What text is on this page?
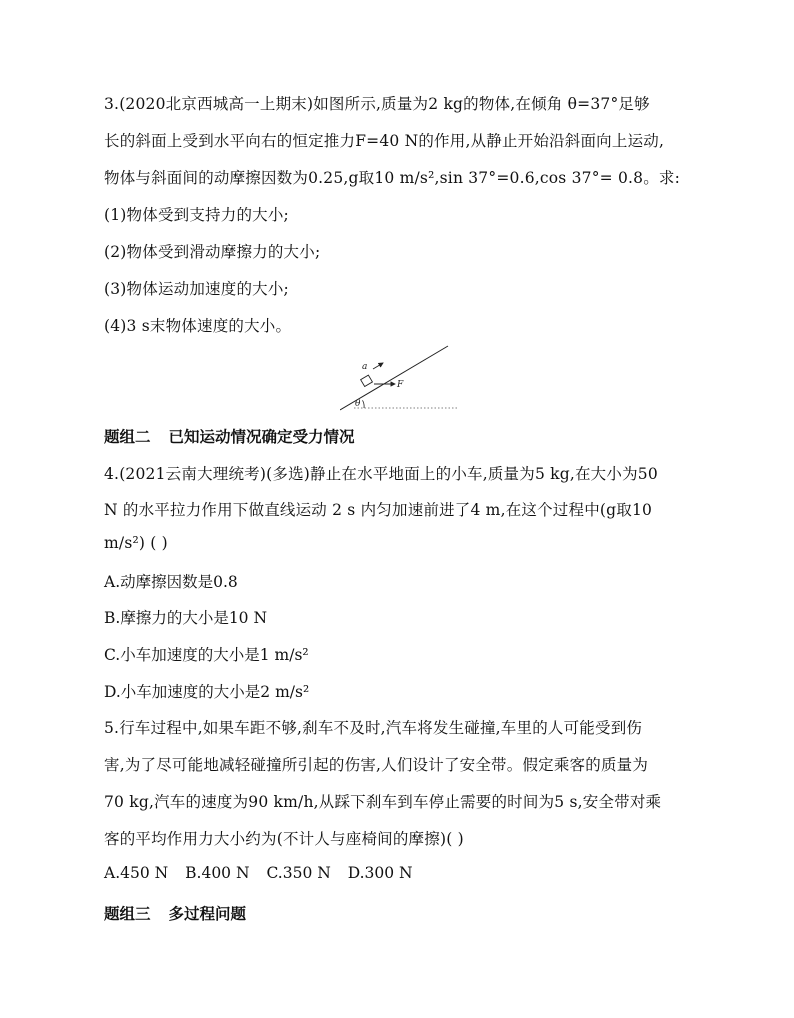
3.(2020北京西城高一上期末)如图所示,质量为2 kg的物体,在倾角 θ=37°足够
长的斜面上受到水平向右的恒定推力F=40 N的作用,从静止开始沿斜面向上运动,
物体与斜面间的动摩擦因数为0.25,g取10 m/s²,sin 37°=0.6,cos 37°= 0.8。求:
(1)物体受到支持力的大小;
(2)物体受到滑动摩擦力的大小;
(3)物体运动加速度的大小;
(4)3 s末物体速度的大小。
a
F
θ
题组二 已知运动情况确定受力情况
4.(2021云南大理统考)(多选)静止在水平地面上的小车,质量为5 kg,在大小为50
N 的水平拉力作用下做直线运动 2 s 内匀加速前进了4 m,在这个过程中(g取10
m/s²) ( )
A.动摩擦因数是0.8
B.摩擦力的大小是10 N
C.小车加速度的大小是1 m/s²
D.小车加速度的大小是2 m/s²
5.行车过程中,如果车距不够,刹车不及时,汽车将发生碰撞,车里的人可能受到伤
害,为了尽可能地减轻碰撞所引起的伤害,人们设计了安全带。假定乘客的质量为
70 kg,汽车的速度为90 km/h,从踩下刹车到车停止需要的时间为5 s,安全带对乘
客的平均作用力大小约为(不计人与座椅间的摩擦)( )
A.450 N B.400 N C.350 N D.300 N
题组三 多过程问题
